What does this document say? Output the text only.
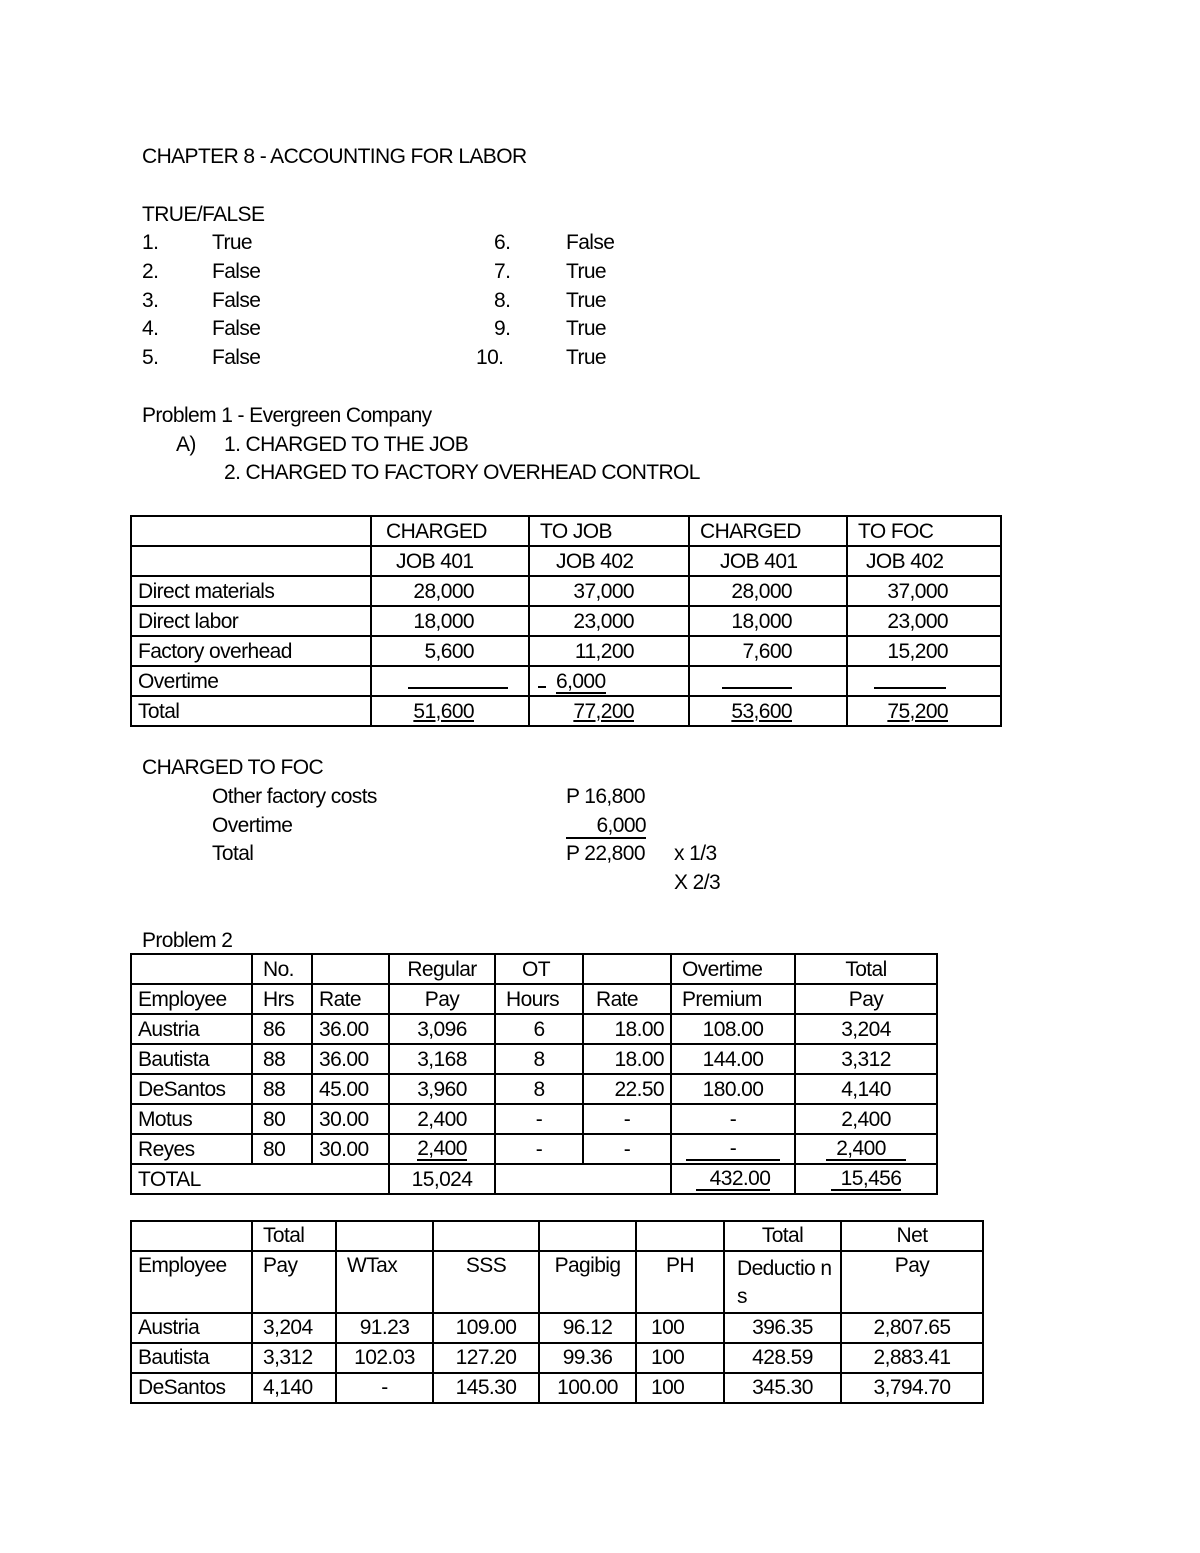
CHAPTER 8 - ACCOUNTING FOR LABOR
TRUE/FALSE
1.	True
2.	False
3.	False
4.	False
5.	False
6.	False
7.	True
8.	True
9.	True
10.	True
Problem 1 - Evergreen Company
A) 1. CHARGED TO THE JOB
2. CHARGED TO FACTORY OVERHEAD CONTROL
	CHARGED	TO JOB	CHARGED	TO FOC
	JOB 401	JOB 402	JOB 401	JOB 402
Direct materials	28,000	37,000	28,000	37,000
Direct labor	18,000	23,000	18,000	23,000
Factory overhead	5,600	11,200	7,600	15,200
Overtime		6,000		
Total	51,600	77,200	53,600	75,200
CHARGED TO FOC
Other factory costs	P 16,800
Overtime	6,000
Total	P 22,800 x 1/3
X 2/3
Problem 2
	No.		Regular	OT		Overtime	Total
Employee	Hrs	Rate	Pay	Hours	Rate	Premium	Pay
Austria	86	36.00	3,096	6	18.00	108.00	3,204
Bautista	88	36.00	3,168	8	18.00	144.00	3,312
DeSantos	88	45.00	3,960	8	22.50	180.00	4,140
Motus	80	30.00	2,400	-	-	-	2,400
Reyes	80	30.00	2,400	-	-	-	2,400
TOTAL			15,024			432.00	15,456
	Total					Total	Net
Employee	Pay	WTax	SSS	Pagibig	PH	Deductio ns	Pay
Austria	3,204	91.23	109.00	96.12	100	396.35	2,807.65
Bautista	3,312	102.03	127.20	99.36	100	428.59	2,883.41
DeSantos	4,140	-	145.30	100.00	100	345.30	3,794.70
